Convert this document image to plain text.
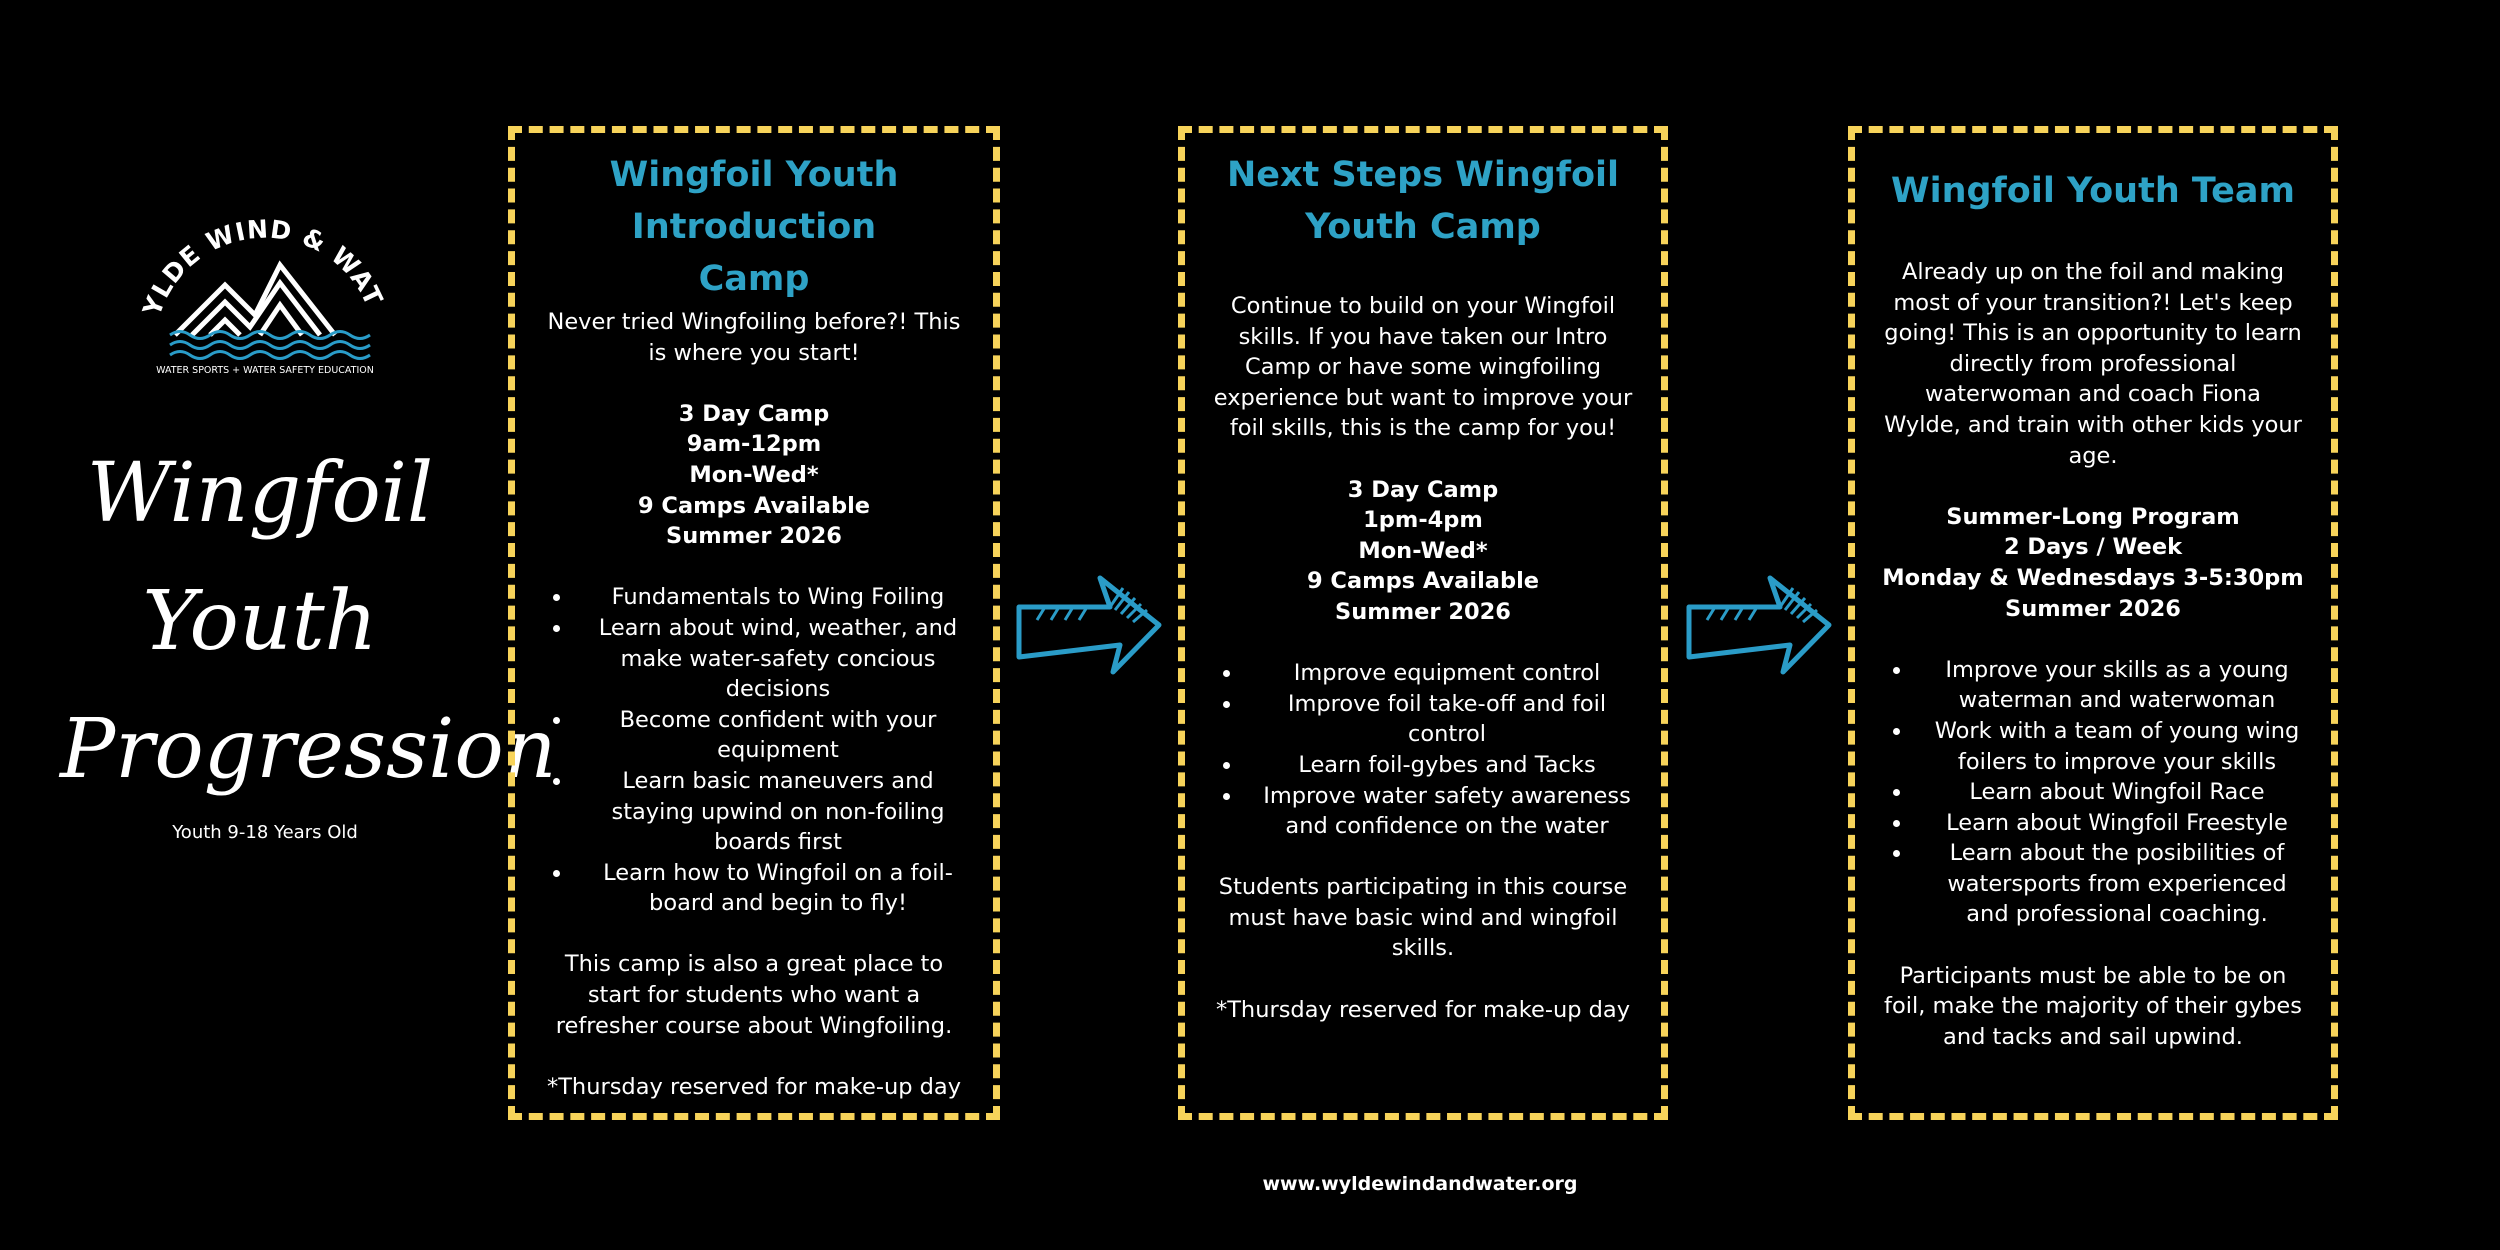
YLDE WIND & WAT
WATER SPORTS + WATER SAFETY EDUCATION
Wingfoil
Youth
Progression
Youth 9-18 Years Old
Wingfoil Youth
Introduction
Camp

Never tried Wingfoiling before?! This

is where you start!

3 Day Camp

9am-12pm

Mon-Wed*

9 Camps Available

Summer 2026

• Fundamentals to Wing Foiling
• Learn about wind, weather, and
make water-safety concious
decisions
• Become confident with your
equipment
• Learn basic maneuvers and
staying upwind on non-foiling
boards first
• Learn how to Wingfoil on a foil-
board and begin to fly!

This camp is also a great place to

start for students who want a

refresher course about Wingfoiling.

*Thursday reserved for make-up day

Next Steps Wingfoil
Youth Camp

Continue to build on your Wingfoil

skills. If you have taken our Intro

Camp or have some wingfoiling

experience but want to improve your

foil skills, this is the camp for you!

3 Day Camp

1pm-4pm

Mon-Wed*

9 Camps Available

Summer 2026

• Improve equipment control
• Improve foil take-off and foil
control
• Learn foil-gybes and Tacks
• Improve water safety awareness
and confidence on the water

Students participating in this course

must have basic wind and wingfoil

skills.

*Thursday reserved for make-up day

Wingfoil Youth Team

Already up on the foil and making

most of your transition?! Let's keep

going! This is an opportunity to learn

directly from professional

waterwoman and coach Fiona

Wylde, and train with other kids your

age.

Summer-Long Program

2 Days / Week

Monday & Wednesdays 3-5:30pm

Summer 2026

• Improve your skills as a young
waterman and waterwoman
• Work with a team of young wing
foilers to improve your skills
• Learn about Wingfoil Race
• Learn about Wingfoil Freestyle
• Learn about the posibilities of
watersports from experienced
and professional coaching.

Participants must be able to be on

foil, make the majority of their gybes

and tacks and sail upwind.

www.wyldewindandwater.org
